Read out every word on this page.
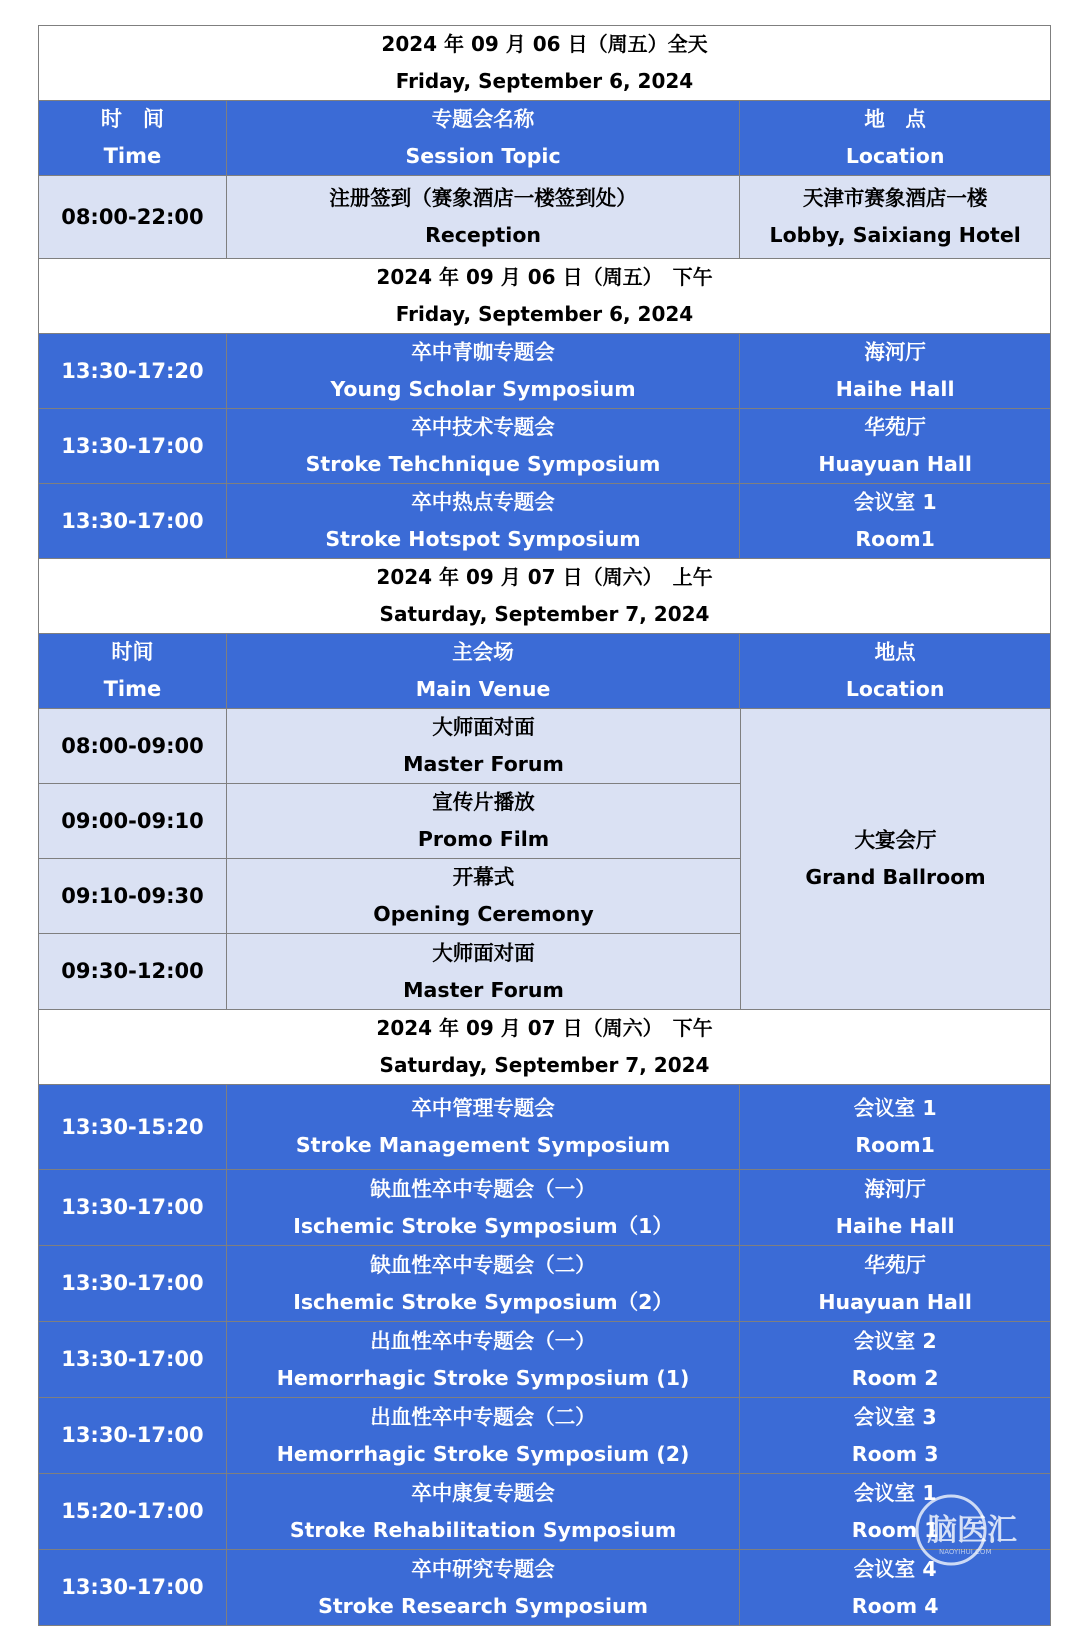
2024 年 09 月 06 日（周五）全天
Friday, September 6, 2024
时　间
Time
专题会名称
Session Topic
地　点
Location
08:00-22:00
注册签到（赛象酒店一楼签到处）
Reception
天津市赛象酒店一楼
Lobby, Saixiang Hotel
2024 年 09 月 06 日（周五）　下午
Friday, September 6, 2024
13:30-17:20
卒中青咖专题会
Young Scholar Symposium
海河厅
Haihe Hall
13:30-17:00
卒中技术专题会
Stroke Tehchnique Symposium
华苑厅
Huayuan Hall
13:30-17:00
卒中热点专题会
Stroke Hotspot Symposium
会议室 1
Room1
2024 年 09 月 07 日（周六）　上午
Saturday, September 7, 2024
时间
Time
主会场
Main Venue
地点
Location
08:00-09:00
大师面对面
Master Forum
09:00-09:10
宣传片播放
Promo Film
09:10-09:30
开幕式
Opening Ceremony
09:30-12:00
大师面对面
Master Forum
大宴会厅
Grand Ballroom
2024 年 09 月 07 日（周六）　下午
Saturday, September 7, 2024
13:30-15:20
卒中管理专题会
Stroke Management Symposium
会议室 1
Room1
13:30-17:00
缺血性卒中专题会（一）
Ischemic Stroke Symposium（1）
海河厅
Haihe Hall
13:30-17:00
缺血性卒中专题会（二）
Ischemic Stroke Symposium（2）
华苑厅
Huayuan Hall
13:30-17:00
出血性卒中专题会（一）
Hemorrhagic Stroke Symposium (1)
会议室 2
Room 2
13:30-17:00
出血性卒中专题会（二）
Hemorrhagic Stroke Symposium (2)
会议室 3
Room 3
15:20-17:00
卒中康复专题会
Stroke Rehabilitation Symposium
会议室 1
Room 1
13:30-17:00
卒中研究专题会
Stroke Research Symposium
会议室 4
Room 4
脑医汇
NAOYIHUI.COM
